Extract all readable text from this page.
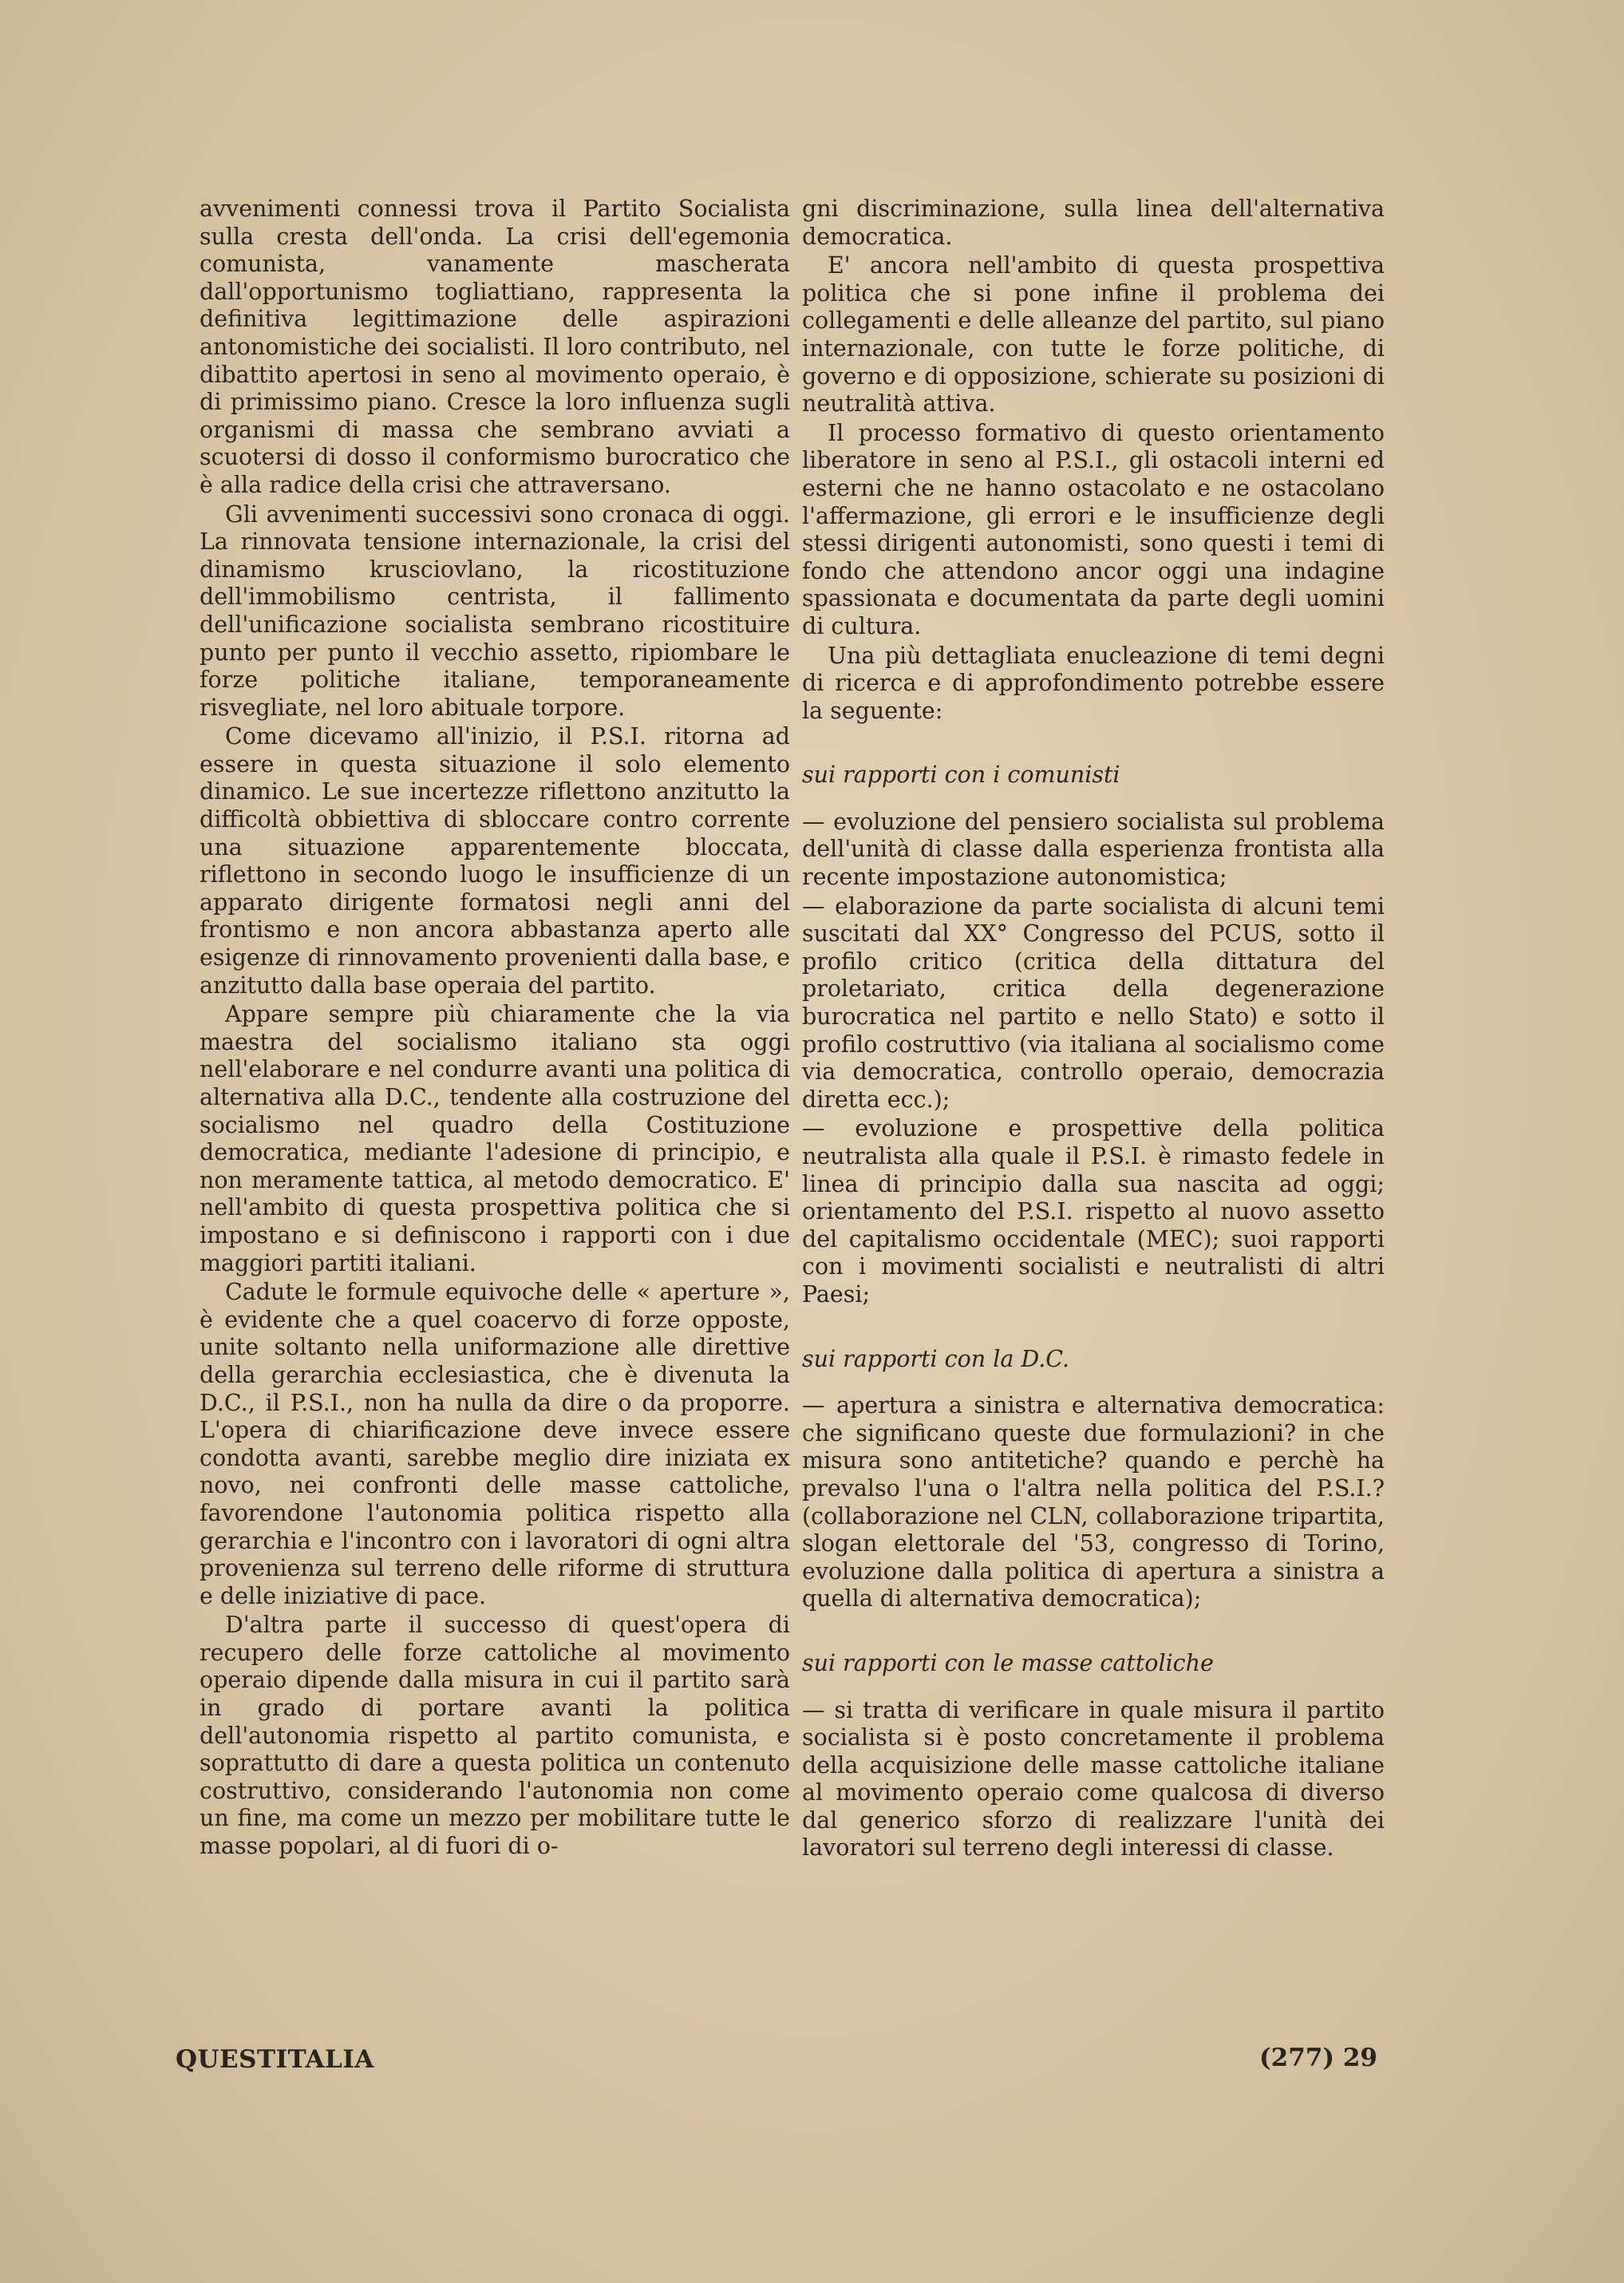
avvenimenti connessi trova il Partito Socialista sulla cresta dell'onda. La crisi dell'egemonia comunista, vanamente mascherata dall'opportunismo togliattiano, rappresenta la definitiva legittimazione delle aspirazioni antonomistiche dei socialisti. Il loro contributo, nel dibattito apertosi in seno al movimento operaio, è di primissimo piano. Cresce la loro influenza sugli organismi di massa che sembrano avviati a scuotersi di dosso il conformismo burocratico che è alla radice della crisi che attraversano.

Gli avvenimenti successivi sono cronaca di oggi. La rinnovata tensione internazionale, la crisi del dinamismo krusciovlano, la ricostituzione dell'immobilismo centrista, il fallimento dell'unificazione socialista sembrano ricostituire punto per punto il vecchio assetto, ripiombare le forze politiche italiane, temporaneamente risvegliate, nel loro abituale torpore.

Come dicevamo all'inizio, il P.S.I. ritorna ad essere in questa situazione il solo elemento dinamico. Le sue incertezze riflettono anzitutto la difficoltà obbiettiva di sbloccare contro corrente una situazione apparentemente bloccata, riflettono in secondo luogo le insufficienze di un apparato dirigente formatosi negli anni del frontismo e non ancora abbastanza aperto alle esigenze di rinnovamento provenienti dalla base, e anzitutto dalla base operaia del partito.

Appare sempre più chiaramente che la via maestra del socialismo italiano sta oggi nell'elaborare e nel condurre avanti una politica di alternativa alla D.C., tendente alla costruzione del socialismo nel quadro della Costituzione democratica, mediante l'adesione di principio, e non meramente tattica, al metodo democratico. E' nell'ambito di questa prospettiva politica che si impostano e si definiscono i rapporti con i due maggiori partiti italiani.

Cadute le formule equivoche delle « aperture », è evidente che a quel coacervo di forze opposte, unite soltanto nella uniformazione alle direttive della gerarchia ecclesiastica, che è divenuta la D.C., il P.S.I., non ha nulla da dire o da proporre. L'opera di chiarificazione deve invece essere condotta avanti, sarebbe meglio dire iniziata ex novo, nei confronti delle masse cattoliche, favorendone l'autonomia politica rispetto alla gerarchia e l'incontro con i lavoratori di ogni altra provenienza sul terreno delle riforme di struttura e delle iniziative di pace.

D'altra parte il successo di quest'opera di recupero delle forze cattoliche al movimento operaio dipende dalla misura in cui il partito sarà in grado di portare avanti la politica dell'autonomia rispetto al partito comunista, e soprattutto di dare a questa politica un contenuto costruttivo, considerando l'autonomia non come un fine, ma come un mezzo per mobilitare tutte le masse popolari, al di fuori di o-

gni discriminazione, sulla linea dell'alternativa democratica.

E' ancora nell'ambito di questa prospettiva politica che si pone infine il problema dei collegamenti e delle alleanze del partito, sul piano internazionale, con tutte le forze politiche, di governo e di opposizione, schierate su posizioni di neutralità attiva.

Il processo formativo di questo orientamento liberatore in seno al P.S.I., gli ostacoli interni ed esterni che ne hanno ostacolato e ne ostacolano l'affermazione, gli errori e le insufficienze degli stessi dirigenti autonomisti, sono questi i temi di fondo che attendono ancor oggi una indagine spassionata e documentata da parte degli uomini di cultura.

Una più dettagliata enucleazione di temi degni di ricerca e di approfondimento potrebbe essere la seguente:

sui rapporti con i comunisti

— evoluzione del pensiero socialista sul problema dell'unità di classe dalla esperienza frontista alla recente impostazione autonomistica;

— elaborazione da parte socialista di alcuni temi suscitati dal XX° Congresso del PCUS, sotto il profilo critico (critica della dittatura del proletariato, critica della degenerazione burocratica nel partito e nello Stato) e sotto il profilo costruttivo (via italiana al socialismo come via democratica, controllo operaio, democrazia diretta ecc.);

— evoluzione e prospettive della politica neutralista alla quale il P.S.I. è rimasto fedele in linea di principio dalla sua nascita ad oggi; orientamento del P.S.I. rispetto al nuovo assetto del capitalismo occidentale (MEC); suoi rapporti con i movimenti socialisti e neutralisti di altri Paesi;

sui rapporti con la D.C.

— apertura a sinistra e alternativa democratica: che significano queste due formulazioni? in che misura sono antitetiche? quando e perchè ha prevalso l'una o l'altra nella politica del P.S.I.? (collaborazione nel CLN, collaborazione tripartita, slogan elettorale del '53, congresso di Torino, evoluzione dalla politica di apertura a sinistra a quella di alternativa democratica);

sui rapporti con le masse cattoliche

— si tratta di verificare in quale misura il partito socialista si è posto concretamente il problema della acquisizione delle masse cattoliche italiane al movimento operaio come qualcosa di diverso dal generico sforzo di realizzare l'unità dei lavoratori sul terreno degli interessi di classe.

QUESTITALIA	(277) 29
